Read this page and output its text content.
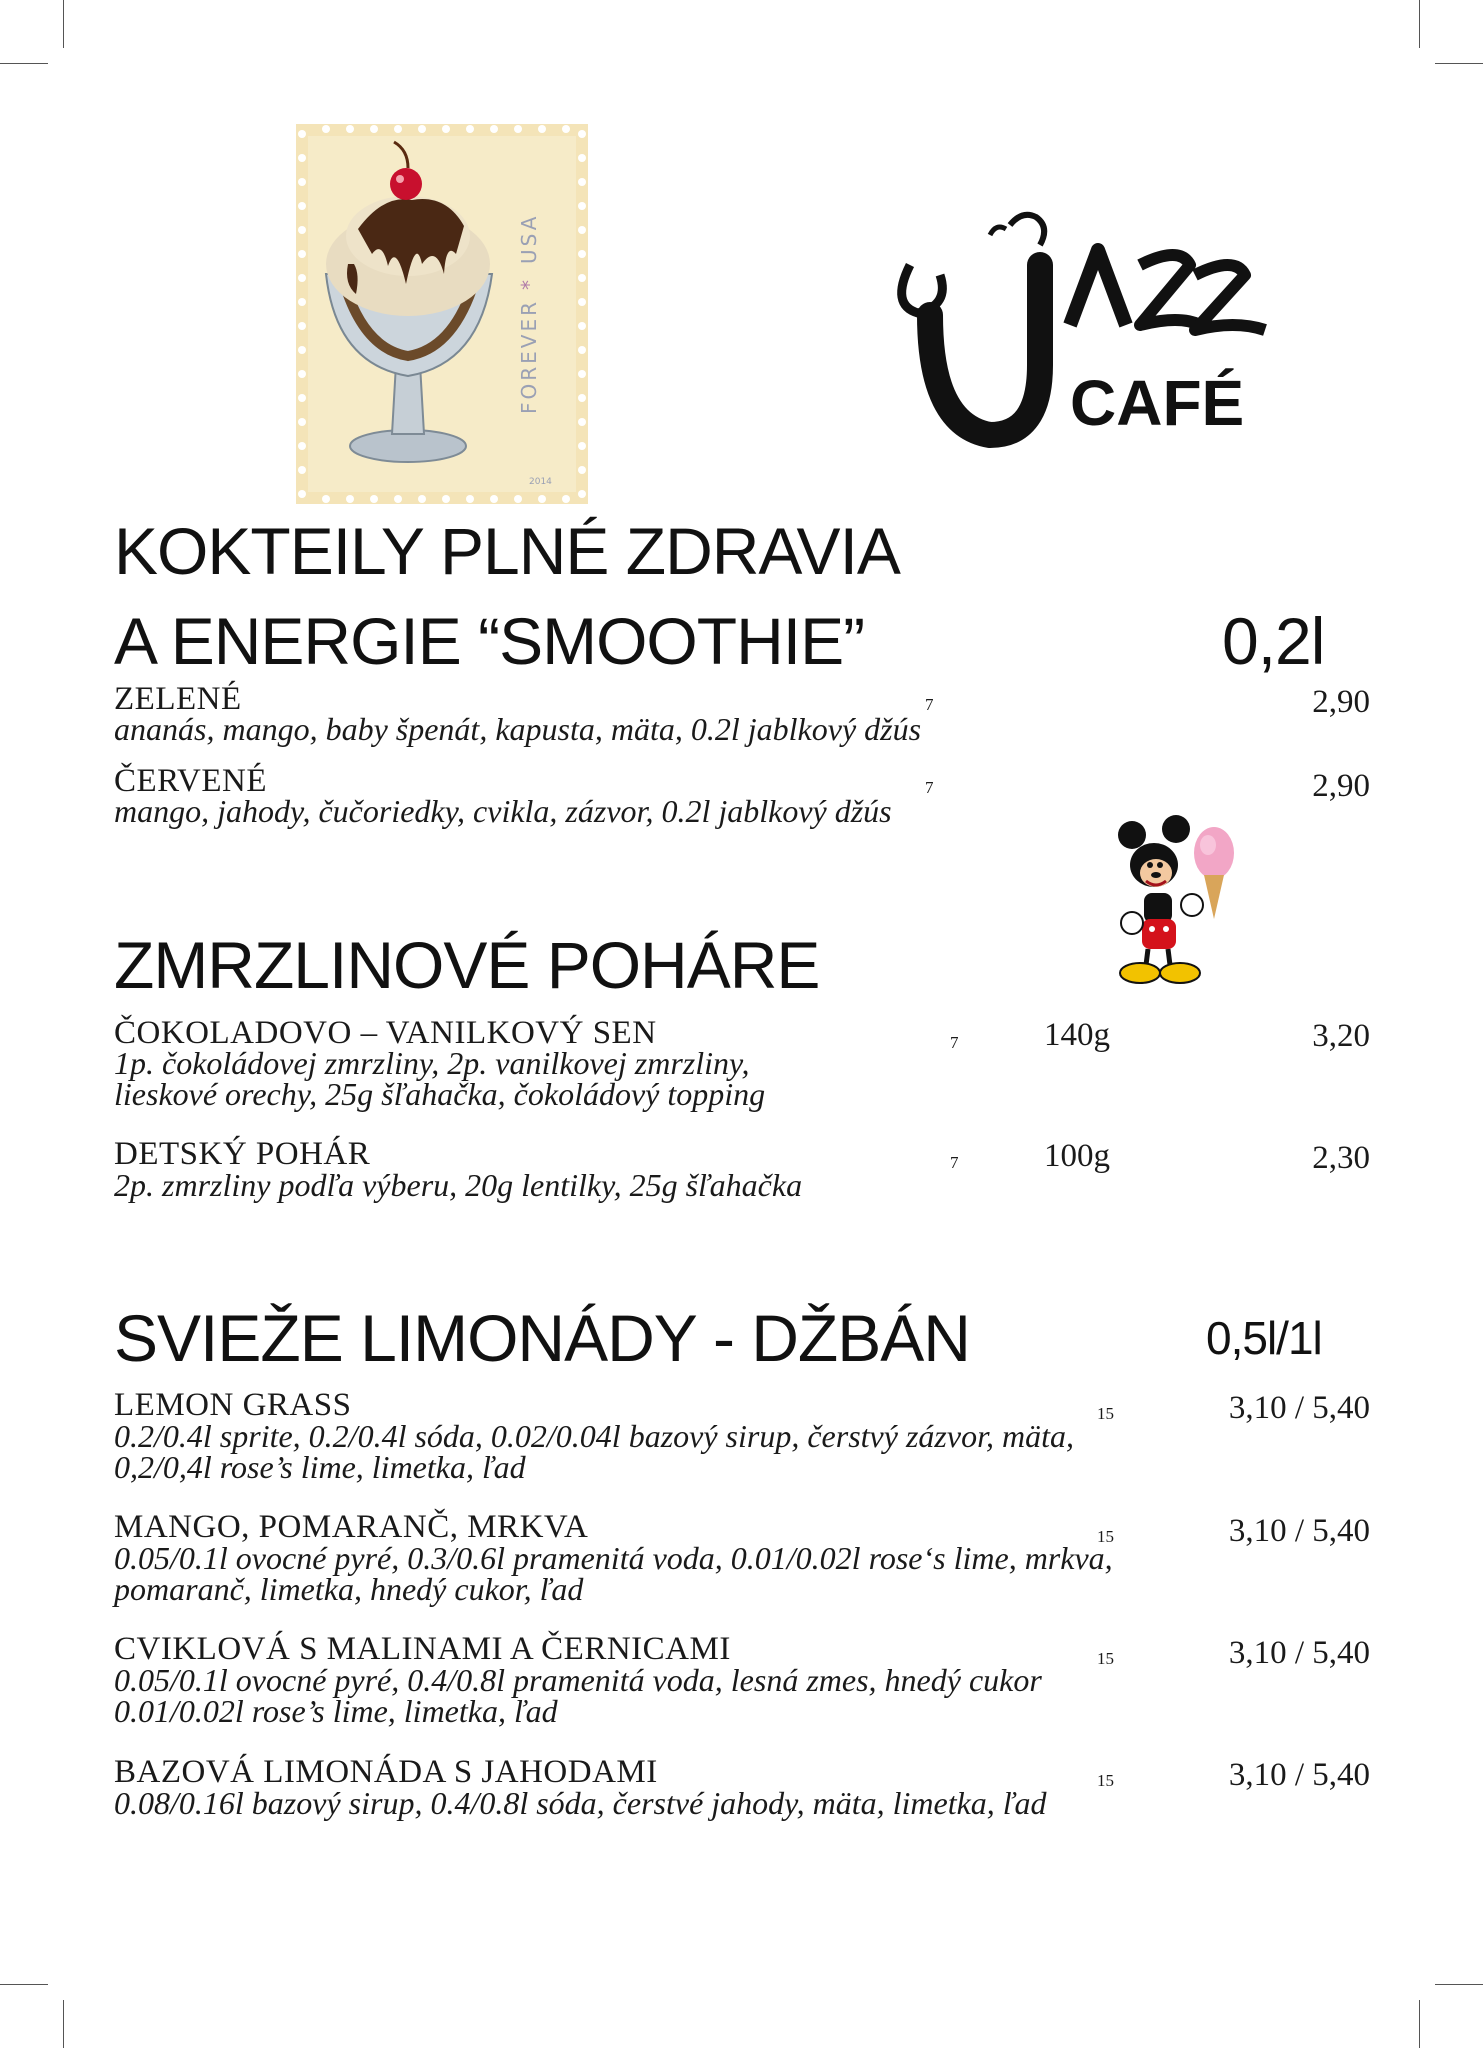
FOREVER
*
USA
2014
CAFÉ
KOKTEILY PLNÉ ZDRAVIA
A ENERGIE “SMOOTHIE”	0,2l
ZELENÉ	7	2,90
ananás, mango, baby špenát, kapusta, mäta, 0.2l jablkový džús
ČERVENÉ	7	2,90
mango, jahody, čučoriedky, cvikla, zázvor, 0.2l jablkový džús
ZMRZLINOVÉ POHÁRE
ČOKOLADOVO – VANILKOVÝ SEN	7	140g	3,20
1p. čokoládovej zmrzliny, 2p. vanilkovej zmrzliny,
lieskové orechy, 25g šľahačka, čokoládový topping
DETSKÝ POHÁR	7	100g	2,30
2p. zmrzliny podľa výberu, 20g lentilky, 25g šľahačka
SVIEŽE LIMONÁDY - DŽBÁN	0,5l/1l
LEMON GRASS	15	3,10 / 5,40
0.2/0.4l sprite, 0.2/0.4l sóda, 0.02/0.04l bazový sirup, čerstvý zázvor, mäta,
0,2/0,4l rose’s lime, limetka, ľad
MANGO, POMARANČ, MRKVA	15	3,10 / 5,40
0.05/0.1l ovocné pyré, 0.3/0.6l pramenitá voda, 0.01/0.02l rose‘s lime, mrkva,
pomaranč, limetka, hnedý cukor, ľad
CVIKLOVÁ S MALINAMI A ČERNICAMI	15	3,10 / 5,40
0.05/0.1l ovocné pyré, 0.4/0.8l pramenitá voda, lesná zmes, hnedý cukor
0.01/0.02l rose’s lime, limetka, ľad
BAZOVÁ LIMONÁDA S JAHODAMI	15	3,10 / 5,40
0.08/0.16l bazový sirup, 0.4/0.8l sóda, čerstvé jahody, mäta, limetka, ľad
